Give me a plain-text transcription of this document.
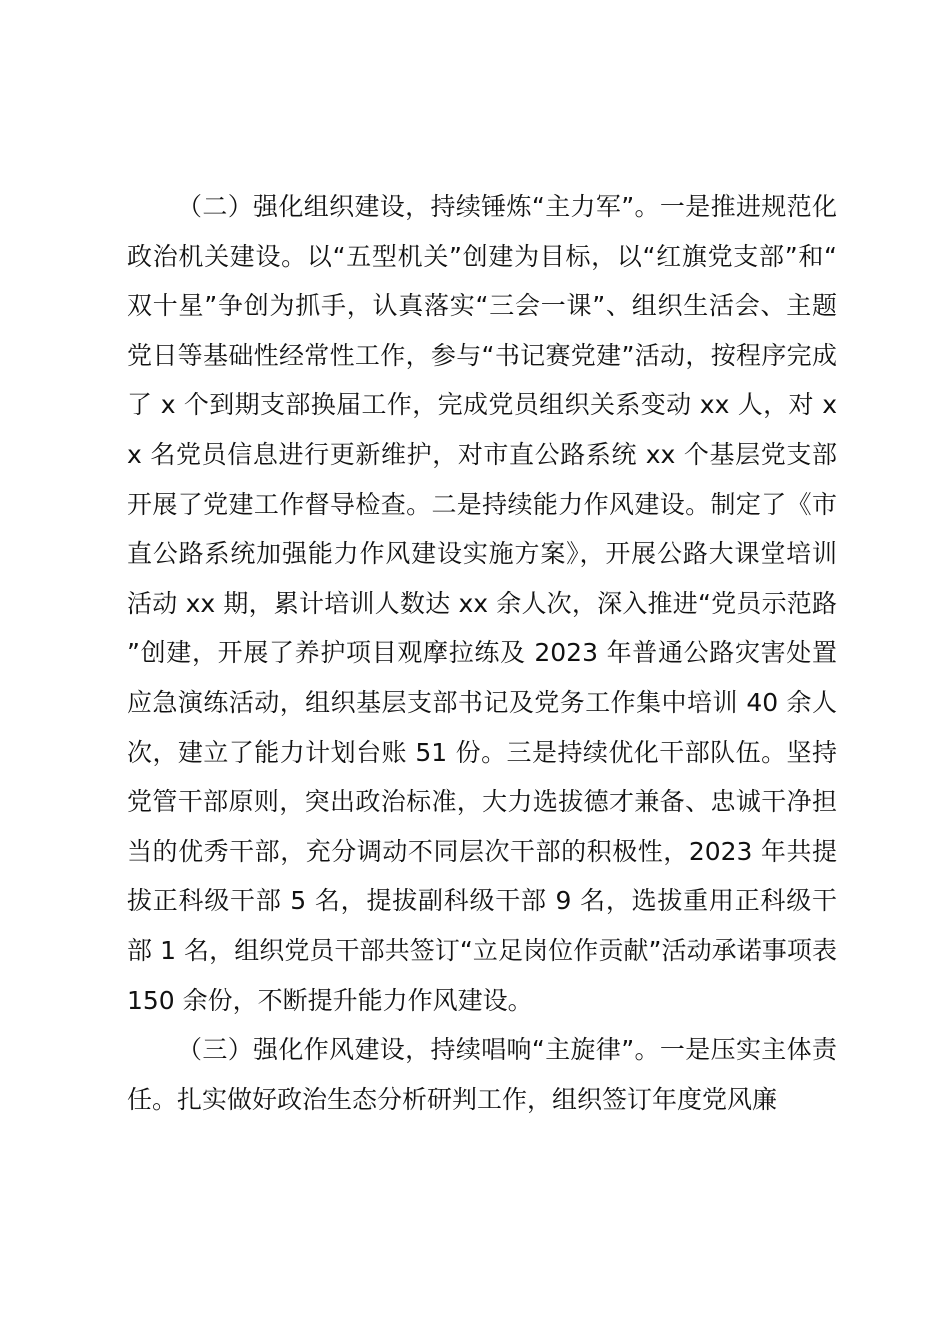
（二）强化组织建设，持续锤炼“主力军”。一是推进规范化政治机关建设。以“五型机关”创建为目标，以“红旗党支部”和“双十星”争创为抓手，认真落实“三会一课”、组织生活会、主题党日等基础性经常性工作，参与“书记赛党建”活动，按程序完成了 x 个到期支部换届工作，完成党员组织关系变动 xx 人，对 xx 名党员信息进行更新维护，对市直公路系统 xx 个基层党支部开展了党建工作督导检查。二是持续能力作风建设。制定了《市直公路系统加强能力作风建设实施方案》，开展公路大课堂培训活动 xx 期，累计培训人数达 xx 余人次，深入推进“党员示范路”创建，开展了养护项目观摩拉练及 2023 年普通公路灾害处置应急演练活动，组织基层支部书记及党务工作集中培训 40 余人次，建立了能力计划台账 51 份。三是持续优化干部队伍。坚持党管干部原则，突出政治标准，大力选拔德才兼备、忠诚干净担当的优秀干部，充分调动不同层次干部的积极性，2023 年共提拔正科级干部 5 名，提拔副科级干部 9 名，选拔重用正科级干部 1 名，组织党员干部共签订“立足岗位作贡献”活动承诺事项表 150 余份，不断提升能力作风建设。

（三）强化作风建设，持续唱响“主旋律”。一是压实主体责任。扎实做好政治生态分析研判工作，组织签订年度党风廉
